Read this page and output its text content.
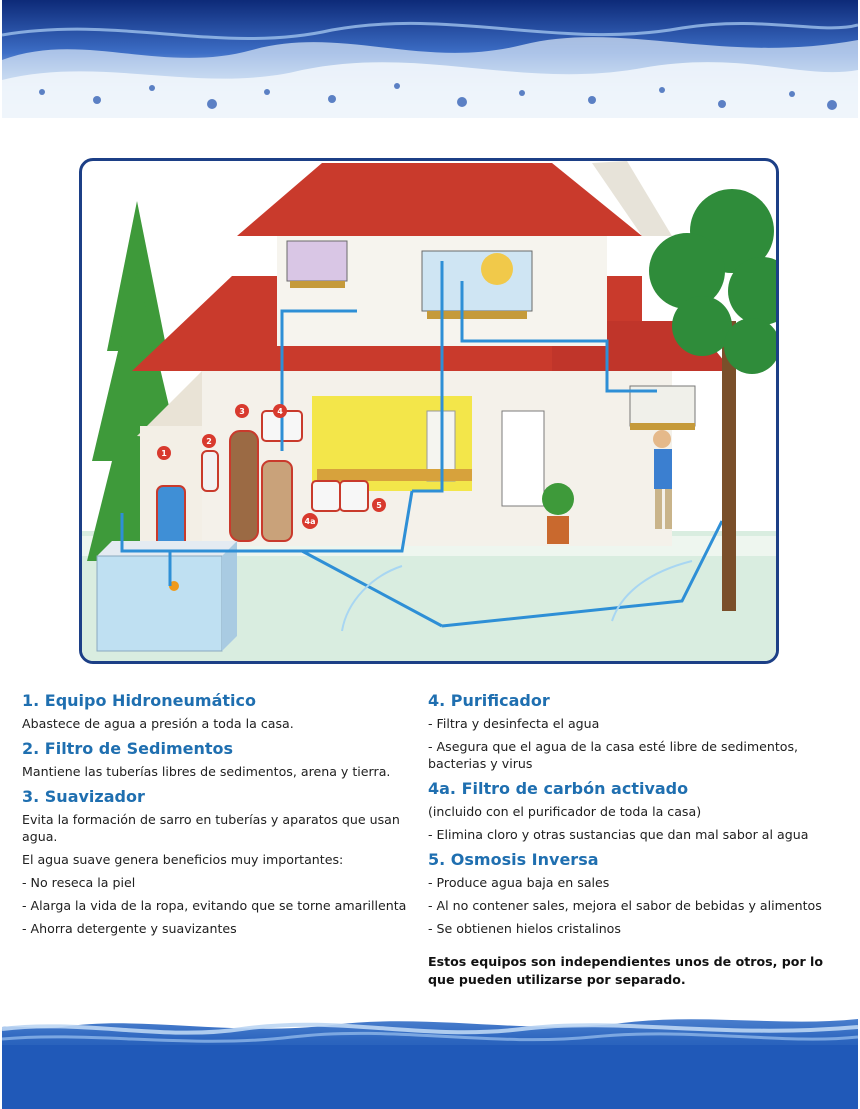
1
2
3	4
4a
5
1. Equipo Hidroneumático

Abastece de agua a presión a toda la casa.

2. Filtro de Sedimentos

Mantiene las tuberías libres de sedimentos, arena y tierra.

3. Suavizador

Evita la formación de sarro en tuberías y aparatos que usan agua.

El agua suave genera beneficios muy importantes:

- No reseca la piel

- Alarga la vida de la ropa, evitando que se torne amarillenta

- Ahorra detergente y suavizantes

4. Purificador

- Filtra y desinfecta el agua

- Asegura que el agua de la casa esté libre de sedimentos, bacterias y virus

4a. Filtro de carbón activado

(incluido con el purificador de toda la casa)

- Elimina cloro y otras sustancias que dan mal sabor al agua

5. Osmosis Inversa

- Produce agua baja en sales

- Al no contener sales, mejora el sabor de bebidas y alimentos

- Se obtienen hielos cristalinos

Estos equipos son independientes unos de otros, por lo que pueden utilizarse por separado.
